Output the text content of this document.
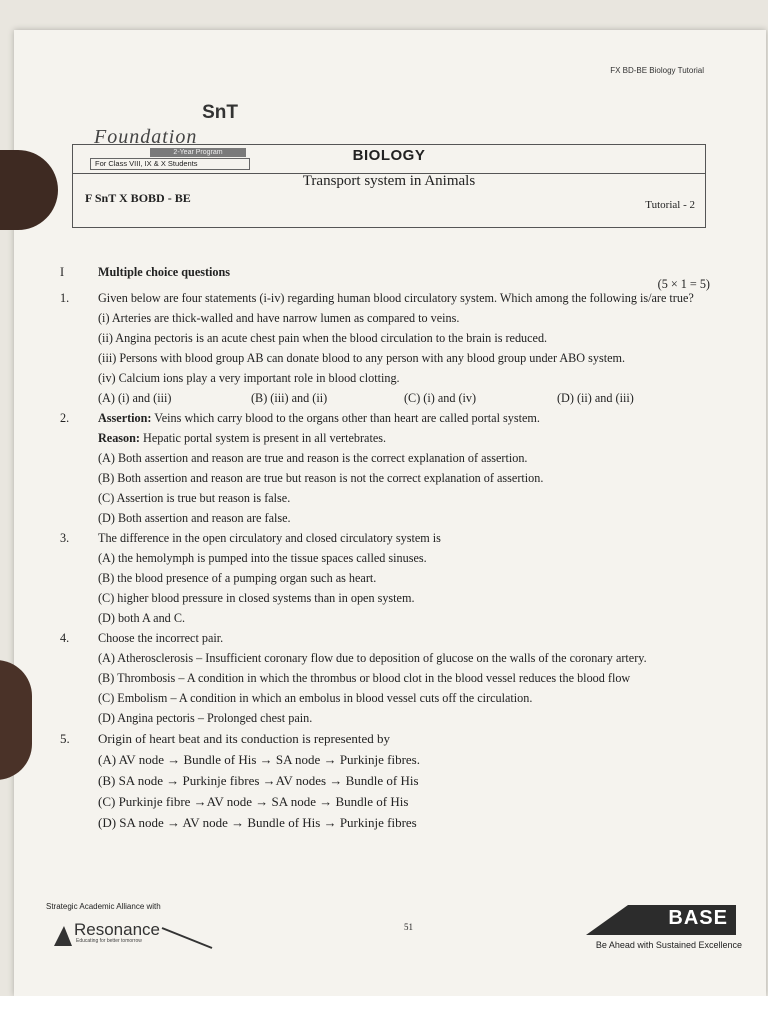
FX BD-BE Biology Tutorial
SnT
Foundation
2-Year Program
For Class VIII, IX & X Students	BIOLOGY
Transport system in Animals
F SnT X BOBD - BE	Tutorial - 2
I	Multiple choice questions
(5 × 1 = 5)
1.	Given below are four statements (i-iv) regarding human blood circulatory system. Which among the following is/are true?
(i) Arteries are thick-walled and have narrow lumen as compared to veins.
(ii) Angina pectoris is an acute chest pain when the blood circulation to the brain is reduced.
(iii) Persons with blood group AB can donate blood to any person with any blood group under ABO system.
(iv) Calcium ions play a very important role in blood clotting.
(A) (i) and (iii)	(B) (iii) and (ii)	(C) (i) and (iv)	(D) (ii) and (iii)
2.	Assertion: Veins which carry blood to the organs other than heart are called portal system.
Reason: Hepatic portal system is present in all vertebrates.
(A) Both assertion and reason are true and reason is the correct explanation of assertion.
(B) Both assertion and reason are true but reason is not the correct explanation of assertion.
(C) Assertion is true but reason is false.
(D) Both assertion and reason are false.
3.	The difference in the open circulatory and closed circulatory system is
(A) the hemolymph is pumped into the tissue spaces called sinuses.
(B) the blood presence of a pumping organ such as heart.
(C) higher blood pressure in closed systems than in open system.
(D) both A and C.
4.	Choose the incorrect pair.
(A) Atherosclerosis – Insufficient coronary flow due to deposition of glucose on the walls of the coronary artery.
(B) Thrombosis – A condition in which the thrombus or blood clot in the blood vessel reduces the blood flow
(C) Embolism – A condition in which an embolus in blood vessel cuts off the circulation.
(D) Angina pectoris – Prolonged chest pain.
5.	Origin of heart beat and its conduction is represented by
(A) AV node → Bundle of His → SA node → Purkinje fibres.
(B) SA node → Purkinje fibres →AV nodes → Bundle of His
(C) Purkinje fibre →AV node → SA node → Bundle of His
(D) SA node → AV node → Bundle of His → Purkinje fibres
Strategic Academic Alliance with
Resonance
Educating for better tomorrow
51	BASE
Be Ahead with Sustained Excellence
